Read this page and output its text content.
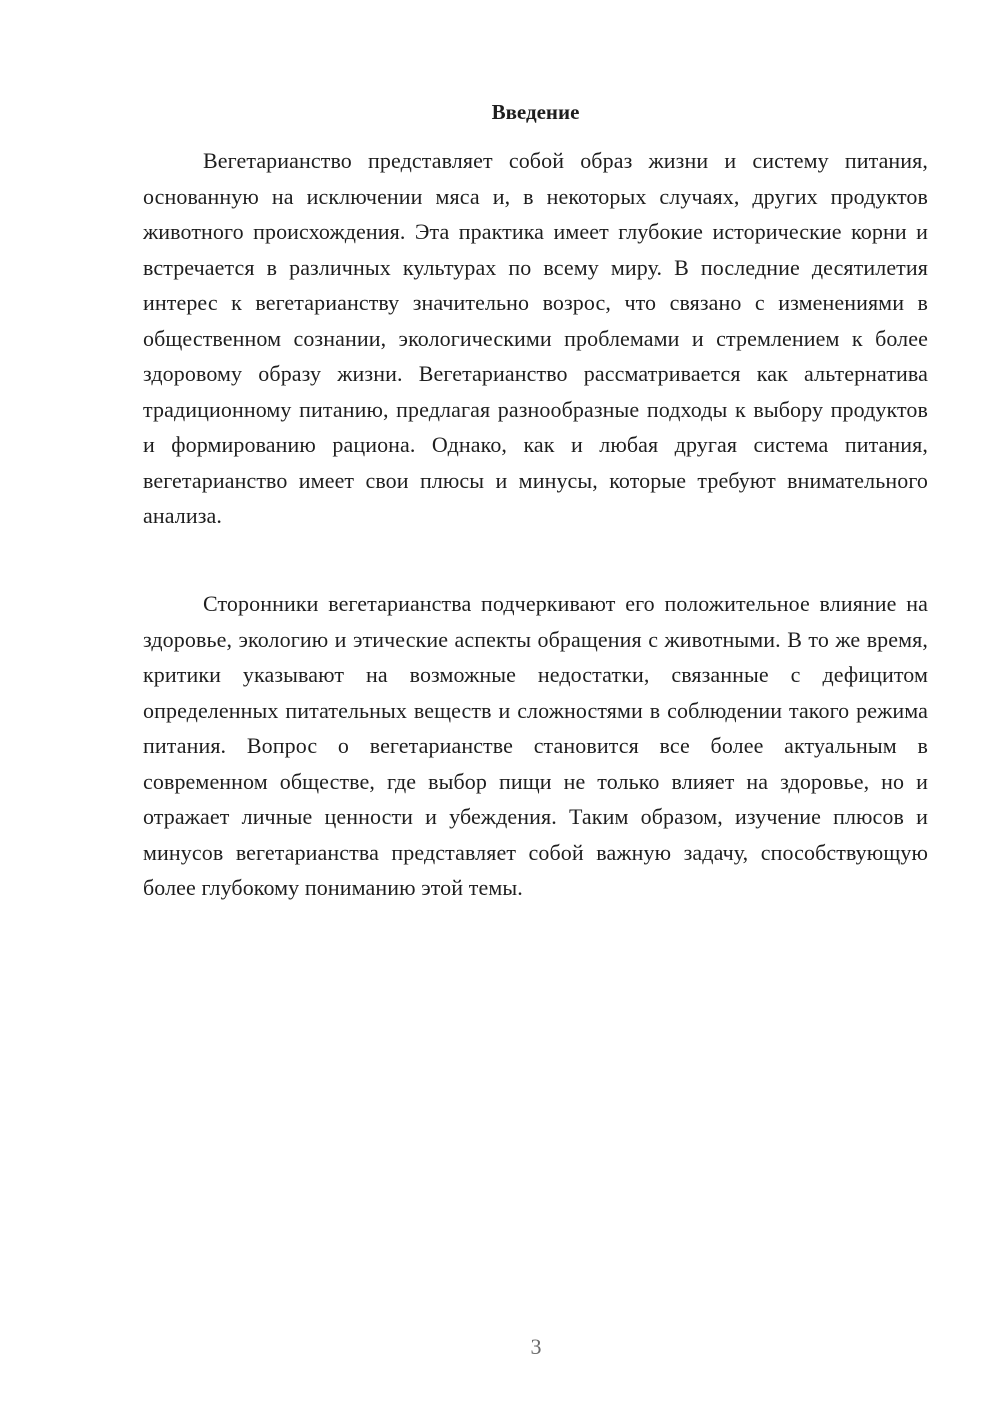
Введение

Вегетарианство представляет собой образ жизни и систему питания, основанную на исключении мяса и, в некоторых случаях, других продуктов животного происхождения. Эта практика имеет глубокие исторические корни и встречается в различных культурах по всему миру. В последние десятилетия интерес к вегетарианству значительно возрос, что связано с изменениями в общественном сознании, экологическими проблемами и стремлением к более здоровому образу жизни. Вегетарианство рассматривается как альтернатива традиционному питанию, предлагая разнообразные подходы к выбору продуктов и формированию рациона. Однако, как и любая другая система питания, вегетарианство имеет свои плюсы и минусы, которые требуют внимательного анализа.

Сторонники вегетарианства подчеркивают его положительное влияние на здоровье, экологию и этические аспекты обращения с животными. В то же время, критики указывают на возможные недостатки, связанные с дефицитом определенных питательных веществ и сложностями в соблюдении такого режима питания. Вопрос о вегетарианстве становится все более актуальным в современном обществе, где выбор пищи не только влияет на здоровье, но и отражает личные ценности и убеждения. Таким образом, изучение плюсов и минусов вегетарианства представляет собой важную задачу, способствующую более глубокому пониманию этой темы.

3
